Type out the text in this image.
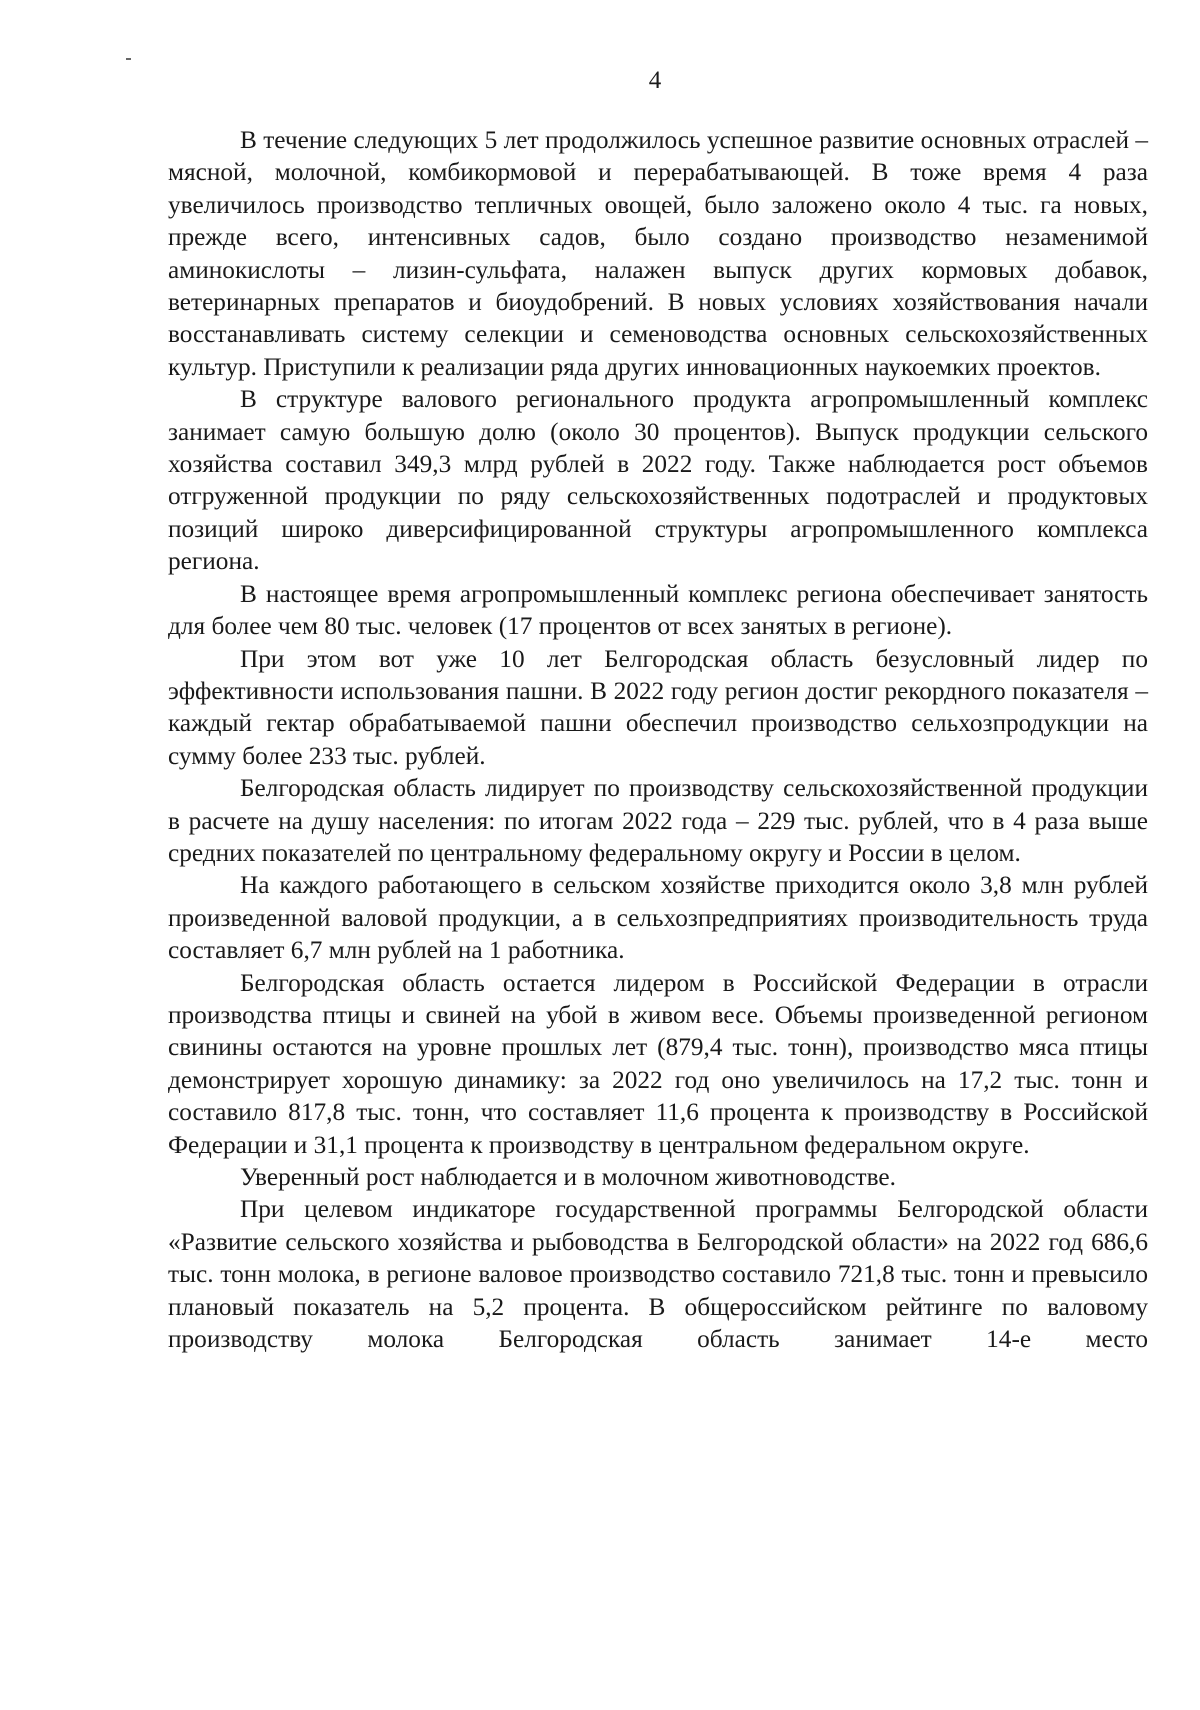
4

В течение следующих 5 лет продолжилось успешное развитие основных отраслей – мясной, молочной, комбикормовой и перерабатывающей. В тоже время 4 раза увеличилось производство тепличных овощей, было заложено около 4 тыс. га новых, прежде всего, интенсивных садов, было создано производство незаменимой аминокислоты – лизин-сульфата, налажен выпуск других кормовых добавок, ветеринарных препаратов и биоудобрений. В новых условиях хозяйствования начали восстанавливать систему селекции и семеноводства основных сельскохозяйственных культур. Приступили к реализации ряда других инновационных наукоемких проектов.

В структуре валового регионального продукта агропромышленный комплекс занимает самую большую долю (около 30 процентов). Выпуск продукции сельского хозяйства составил 349,3 млрд рублей в 2022 году. Также наблюдается рост объемов отгруженной продукции по ряду сельскохозяйственных подотраслей и продуктовых позиций широко диверсифицированной структуры агропромышленного комплекса региона.

В настоящее время агропромышленный комплекс региона обеспечивает занятость для более чем 80 тыс. человек (17 процентов от всех занятых в регионе).

При этом вот уже 10 лет Белгородская область безусловный лидер по эффективности использования пашни. В 2022 году регион достиг рекордного показателя – каждый гектар обрабатываемой пашни обеспечил производство сельхозпродукции на сумму более 233 тыс. рублей.

Белгородская область лидирует по производству сельскохозяйственной продукции в расчете на душу населения: по итогам 2022 года – 229 тыс. рублей, что в 4 раза выше средних показателей по центральному федеральному округу и России в целом.

На каждого работающего в сельском хозяйстве приходится около 3,8 млн рублей произведенной валовой продукции, а в сельхозпредприятиях производительность труда составляет 6,7 млн рублей на 1 работника.

Белгородская область остается лидером в Российской Федерации в отрасли производства птицы и свиней на убой в живом весе. Объемы произведенной регионом свинины остаются на уровне прошлых лет (879,4 тыс. тонн), производство мяса птицы демонстрирует хорошую динамику: за 2022 год оно увеличилось на 17,2 тыс. тонн и составило 817,8 тыс. тонн, что составляет 11,6 процента к производству в Российской Федерации и 31,1 процента к производству в центральном федеральном округе.

Уверенный рост наблюдается и в молочном животноводстве.

При целевом индикаторе государственной программы Белгородской области «Развитие сельского хозяйства и рыбоводства в Белгородской области» на 2022 год 686,6 тыс. тонн молока, в регионе валовое производство составило 721,8 тыс. тонн и превысило плановый показатель на 5,2 процента. В общероссийском рейтинге по валовому производству молока Белгородская область занимает 14-е место
